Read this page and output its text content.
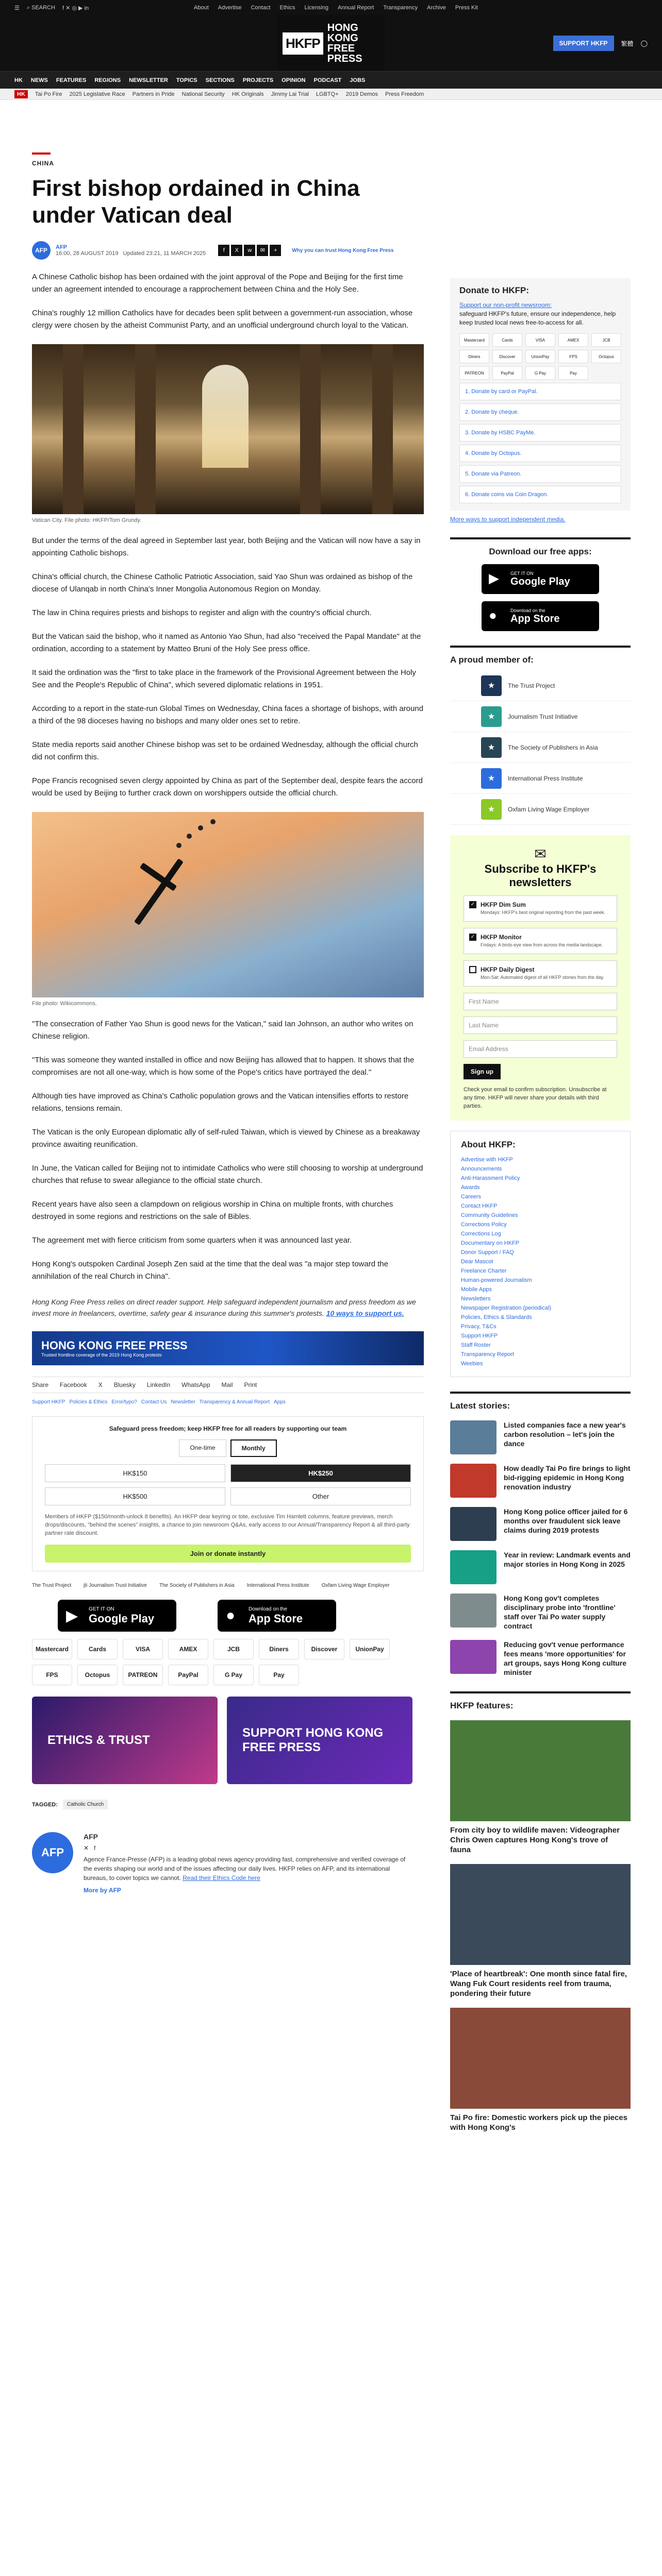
☰ ⌕ SEARCH f ✕ ◎ ▶ in	About Advertise Contact Ethics Licensing Annual Report Transparency Archive Press Kit
HKFP
HONG KONG
FREE PRESS
SUPPORT HKFP	繁體 ◯
HK NEWS FEATURES REGIONS NEWSLETTER TOPICS SECTIONS PROJECTS OPINION PODCAST JOBS
HK	Tai Po Fire 2025 Legislative Race Partners in Pride National Security HK Originals Jimmy Lai Trial LGBTQ+ 2019 Demos Press Freedom
CHINA
First bishop ordained in China under Vatican deal
AFP	AFP
16:00, 28 AUGUST 2019 Updated 23:21, 11 MARCH 2025	f X w ✉ +	Why you can trust Hong Kong Free Press

A Chinese Catholic bishop has been ordained with the joint approval of the Pope and Beijing for the first time under an agreement intended to encourage a rapprochement between China and the Holy See.

China's roughly 12 million Catholics have for decades been split between a government-run association, whose clergy were chosen by the atheist Communist Party, and an unofficial underground church loyal to the Vatican.

Vatican City. File photo: HKFP/Tom Grundy.

But under the terms of the deal agreed in September last year, both Beijing and the Vatican will now have a say in appointing Catholic bishops.

China's official church, the Chinese Catholic Patriotic Association, said Yao Shun was ordained as bishop of the diocese of Ulanqab in north China's Inner Mongolia Autonomous Region on Monday.

The law in China requires priests and bishops to register and align with the country's official church.

But the Vatican said the bishop, who it named as Antonio Yao Shun, had also "received the Papal Mandate" at the ordination, according to a statement by Matteo Bruni of the Holy See press office.

It said the ordination was the "first to take place in the framework of the Provisional Agreement between the Holy See and the People's Republic of China", which severed diplomatic relations in 1951.

According to a report in the state-run Global Times on Wednesday, China faces a shortage of bishops, with around a third of the 98 dioceses having no bishops and many older ones set to retire.

State media reports said another Chinese bishop was set to be ordained Wednesday, although the official church did not confirm this.

Pope Francis recognised seven clergy appointed by China as part of the September deal, despite fears the accord would be used by Beijing to further crack down on worshippers outside the official church.

File photo: Wikicommons.

"The consecration of Father Yao Shun is good news for the Vatican," said Ian Johnson, an author who writes on Chinese religion.

"This was someone they wanted installed in office and now Beijing has allowed that to happen. It shows that the compromises are not all one-way, which is how some of the Pope's critics have portrayed the deal."

Although ties have improved as China's Catholic population grows and the Vatican intensifies efforts to restore relations, tensions remain.

The Vatican is the only European diplomatic ally of self-ruled Taiwan, which is viewed by Chinese as a breakaway province awaiting reunification.

In June, the Vatican called for Beijing not to intimidate Catholics who were still choosing to worship at underground churches that refuse to swear allegiance to the official state church.

Recent years have also seen a clampdown on religious worship in China on multiple fronts, with churches destroyed in some regions and restrictions on the sale of Bibles.

The agreement met with fierce criticism from some quarters when it was announced last year.

Hong Kong's outspoken Cardinal Joseph Zen said at the time that the deal was "a major step toward the annihilation of the real Church in China".

Hong Kong Free Press relies on direct reader support. Help safeguard independent journalism and press freedom as we invest more in freelancers, overtime, safety gear & insurance during this summer's protests. 10 ways to support us.
HONG KONG FREE PRESS
Trusted frontline coverage of the 2019 Hong Kong protests
Share Facebook X Bluesky LinkedIn WhatsApp Mail Print
Support HKFP Policies & Ethics Error/typo? Contact Us Newsletter Transparency & Annual Report Apps
Safeguard press freedom; keep HKFP free for all readers by supporting our team
One-time	Monthly
HK$150	HK$250
HK$500	Other
Members of HKFP ($150/month-unlock 8 benefits). An HKFP dear keyring or tote, exclusive Tim Hamlett columns, feature previews, merch drops/discounts, "behind the scenes" insights, a chance to join newsroom Q&As, early access to our Annual/Transparency Report & all third-party partner rate discount.
Join or donate instantly
The Trust Project jti Journalism Trust Initiative The Society of Publishers in Asia International Press Institute Oxfam Living Wage Employer
▶ GET IT ON
Google Play	●	Download on the
App Store
Mastercard	Cards	VISA	AMEX	JCB	Diners	Discover	UnionPay
FPS	Octopus	PATREON	PayPal	G Pay	Pay
ETHICS & TRUST
SUPPORT HONG KONG FREE PRESS
TAGGED:	Catholic Church
AFP
AFP
✕   f
Agence France-Presse (AFP) is a leading global news agency providing fast, comprehensive and verified coverage of the events shaping our world and of the issues affecting our daily lives. HKFP relies on AFP, and its international bureaus, to cover topics we cannot. Read their Ethics Code here
More by AFP
Donate to HKFP:
Support our non-profit newsroom:
safeguard HKFP's future, ensure our independence, help keep trusted local news free-to-access for all.
Mastercard	Cards	VISA	AMEX	JCB
Diners	Discover	UnionPay	FPS	Octopus
PATREON	PayPal	G Pay	Pay
1. Donate by card or PayPal.
2. Donate by cheque.
3. Donate by HSBC PayMe.
4. Donate by Octopus.
5. Donate via Patreon.
6. Donate coins via Coin Dragon.
More ways to support independent media.
Download our free apps:
▶ GET IT ON
Google Play
●	Download on the
App Store
A proud member of:
★	The Trust Project
★	Journalism Trust Initiative
★	The Society of Publishers in Asia
★	International Press Institute
★	Oxfam Living Wage Employer
✉
Subscribe to HKFP's newsletters
✓ HKFP Dim Sum
Mondays: HKFP's best original reporting from the past week.
✓ HKFP Monitor
Fridays: A birds-eye view from across the media landscape.
HKFP Daily Digest
Mon-Sat: Automated digest of all HKFP stories from the day.
First Name
Last Name
Email Address
Sign up
Check your email to confirm subscription. Unsubscribe at any time. HKFP will never share your details with third parties.
About HKFP:
Advertise with HKFP
Announcements
Anti-Harassment Policy
Awards
Careers
Contact HKFP
Community Guidelines
Corrections Policy
Corrections Log
Documentary on HKFP
Donor Support / FAQ
Dear Mascot
Freelance Charter
Human-powered Journalism
Mobile Apps
Newsletters
Newspaper Registration (periodical)
Policies, Ethics & Standards
Privacy, T&Cs
Support HKFP
Staff Roster
Transparency Report
Weebies
Latest stories:
Listed companies face a new year's carbon resolution – let's join the dance
How deadly Tai Po fire brings to light bid-rigging epidemic in Hong Kong renovation industry
Hong Kong police officer jailed for 6 months over fraudulent sick leave claims during 2019 protests
Year in review: Landmark events and major stories in Hong Kong in 2025
Hong Kong gov't completes disciplinary probe into 'frontline' staff over Tai Po water supply contract
Reducing gov't venue performance fees means 'more opportunities' for art groups, says Hong Kong culture minister
HKFP features:
From city boy to wildlife maven: Videographer Chris Owen captures Hong Kong's trove of fauna
'Place of heartbreak': One month since fatal fire, Wang Fuk Court residents reel from trauma, pondering their future
Tai Po fire: Domestic workers pick up the pieces with Hong Kong's
